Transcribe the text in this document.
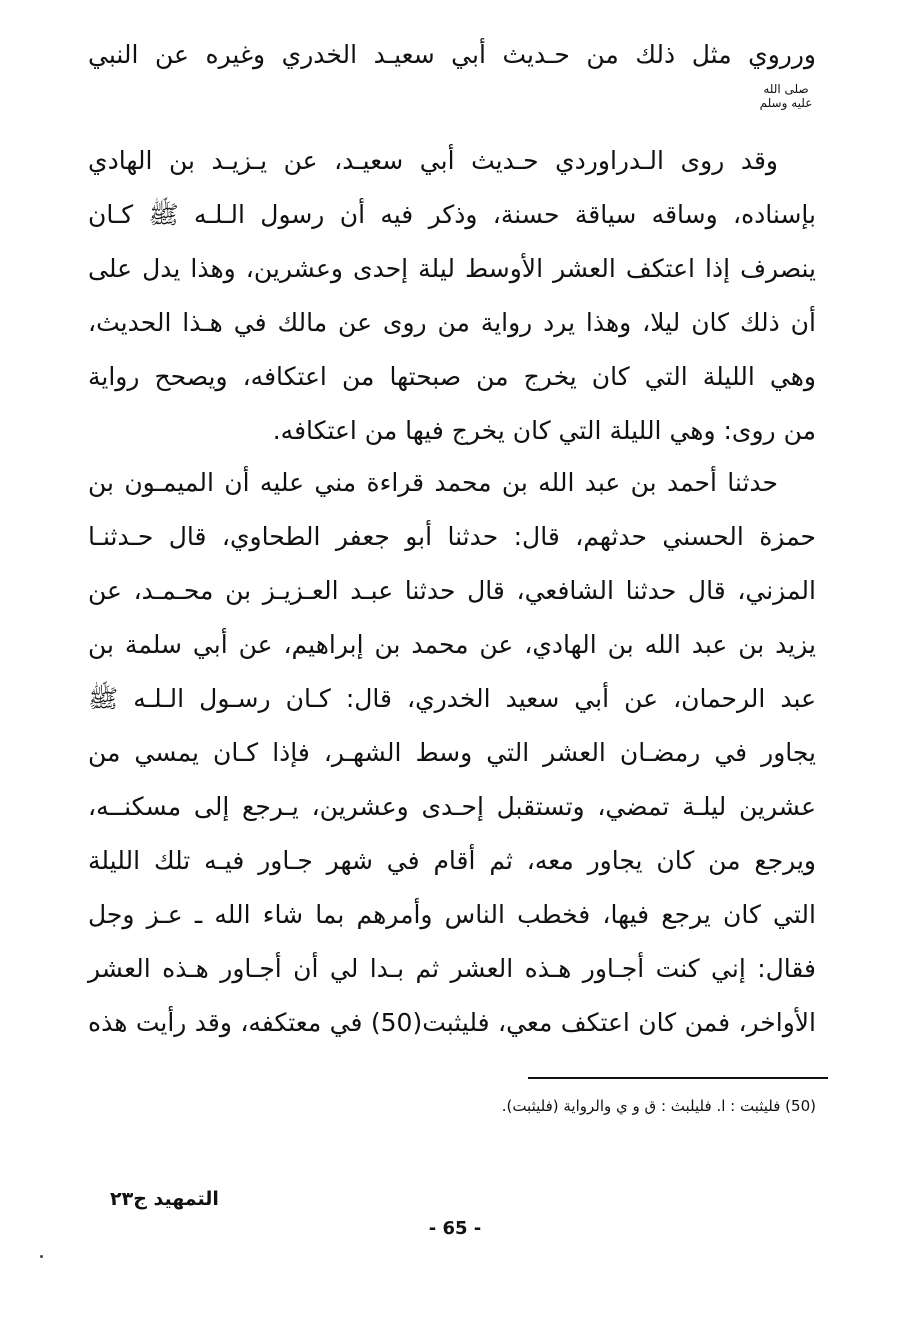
ورروي مثل ذلك من حـديث أبي سعيـد الخدري وغيره عن النبي
صلى الله
عليه وسلم
وقد روى الـدراوردي حـديث أبي سعيـد، عن يـزيـد بن الهادي
بإسناده، وساقه سياقة حسنة، وذكر فيه أن رسول الـلـه ﷺ كـان
ينصرف إذا اعتكف العشر الأوسط ليلة إحدى وعشرين، وهذا يدل على
أن ذلك كان ليلا، وهذا يرد رواية من روى عن مالك في هـذا الحديث،
وهي الليلة التي كان يخرج من صبحتها من اعتكافه، ويصحح رواية
من روى: وهي الليلة التي كان يخرج فيها من اعتكافه.
حدثنا أحمد بن عبد الله بن محمد قراءة مني عليه أن الميمـون بن
حمزة الحسني حدثهم، قال: حدثنا أبو جعفر الطحاوي، قال حـدثنـا
المزني، قال حدثنا الشافعي، قال حدثنا عبـد العـزيـز بن محـمـد، عن
يزيد بن عبد الله بن الهادي، عن محمد بن إبراهيم، عن أبي سلمة بن
عبد الرحمان، عن أبي سعيد الخدري، قال: كـان رسـول الـلـه ﷺ
يجاور في رمضـان العشر التي وسط الشهـر، فإذا كـان يمسي من
عشرين ليلـة تمضي، وتستقبل إحـدى وعشرين، يـرجع إلى مسكنــه،
ويرجع من كان يجاور معه، ثم أقام في شهر جـاور فيـه تلك الليلة
التي كان يرجع فيها، فخطب الناس وأمرهم بما شاء الله ـ عـز وجل
فقال: إني كنت أجـاور هـذه العشر ثم بـدا لي أن أجـاور هـذه العشر
الأواخر، فمن كان اعتكف معي، فليثبت(50) في معتكفه، وقد رأيت هذه
(50) فليثبت : ا. فليلبث : ق و ي والرواية (فليثبت).
التمهيد ج٢٣
- 65 -
